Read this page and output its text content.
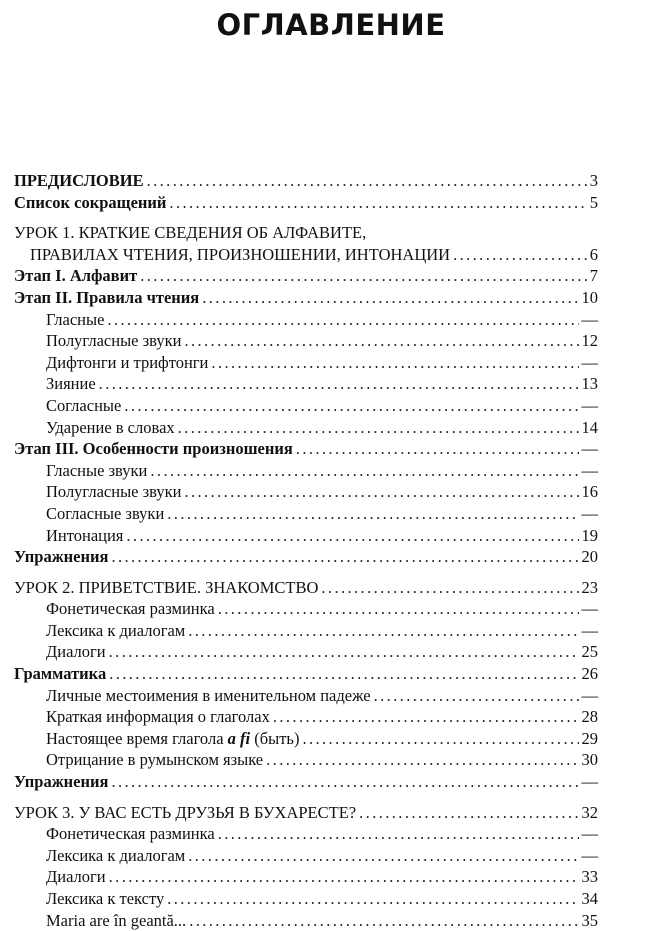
ОГЛАВЛЕНИЕ
ПРЕДИСЛОВИЕ .....	3
Список сокращений .....	5
УРОК 1. КРАТКИЕ СВЕДЕНИЯ ОБ АЛФАВИТЕ,
ПРАВИЛАХ ЧТЕНИЯ, ПРОИЗНОШЕНИИ, ИНТОНАЦИИ .....	6
Этап I. Алфавит .....	7
Этап II. Правила чтения .....	10
Гласные .....	—
Полугласные звуки .....	12
Дифтонги и трифтонги .....	—
Зияние .....	13
Согласные .....	—
Ударение в словах .....	14
Этап III. Особенности произношения .....	—
Гласные звуки .....	—
Полугласные звуки .....	16
Согласные звуки .....	—
Интонация .....	19
Упражнения .....	20
УРОК 2. ПРИВЕТСТВИЕ. ЗНАКОМСТВО .....	23
Фонетическая разминка .....	—
Лексика к диалогам .....	—
Диалоги .....	25
Грамматика .....	26
Личные местоимения в именительном падеже .....	—
Краткая информация о глаголах .....	28
Настоящее время глагола a fi (быть) .....	29
Отрицание в румынском языке .....	30
Упражнения .....	—
УРОК 3. У ВАС ЕСТЬ ДРУЗЬЯ В БУХАРЕСТЕ? .....	32
Фонетическая разминка .....	—
Лексика к диалогам .....	—
Диалоги .....	33
Лексика к тексту .....	34
Maria are în geantă... .....	35
